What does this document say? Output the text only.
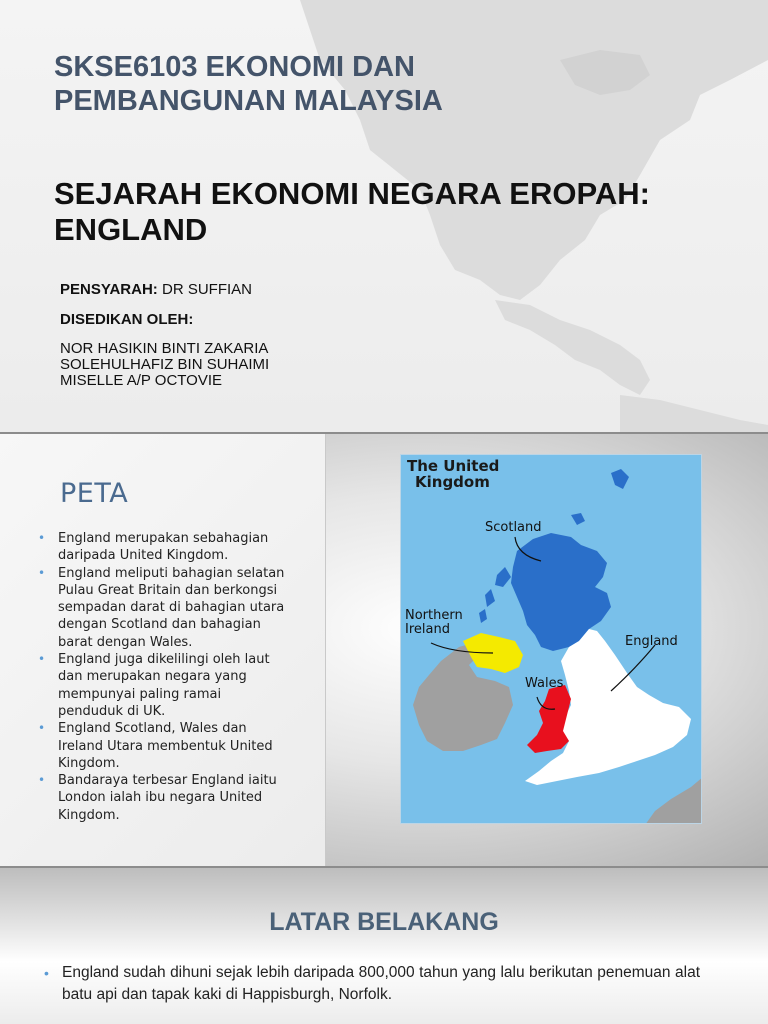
SKSE6103 EKONOMI DAN PEMBANGUNAN MALAYSIA
SEJARAH EKONOMI NEGARA EROPAH: ENGLAND
PENSYARAH: DR SUFFIAN
DISEDIKAN OLEH:
NOR HASIKIN BINTI ZAKARIA
SOLEHULHAFIZ BIN SUHAIMI
MISELLE A/P OCTOVIE
PETA
• England merupakan sebahagian daripada United Kingdom.
• England meliputi bahagian selatan Pulau Great Britain dan berkongsi sempadan darat di bahagian utara dengan Scotland dan bahagian barat dengan Wales.
• England juga dikelilingi oleh laut dan merupakan negara yang mempunyai paling ramai penduduk di UK.
• England Scotland, Wales dan Ireland Utara membentuk United Kingdom.
• Bandaraya terbesar England iaitu London ialah ibu negara United Kingdom.
The United
Kingdom
Scotland
Northern
Ireland
England
Wales
LATAR BELAKANG
• England sudah dihuni sejak lebih daripada 800,000 tahun yang lalu berikutan penemuan alat batu api dan tapak kaki di Happisburgh, Norfolk.
